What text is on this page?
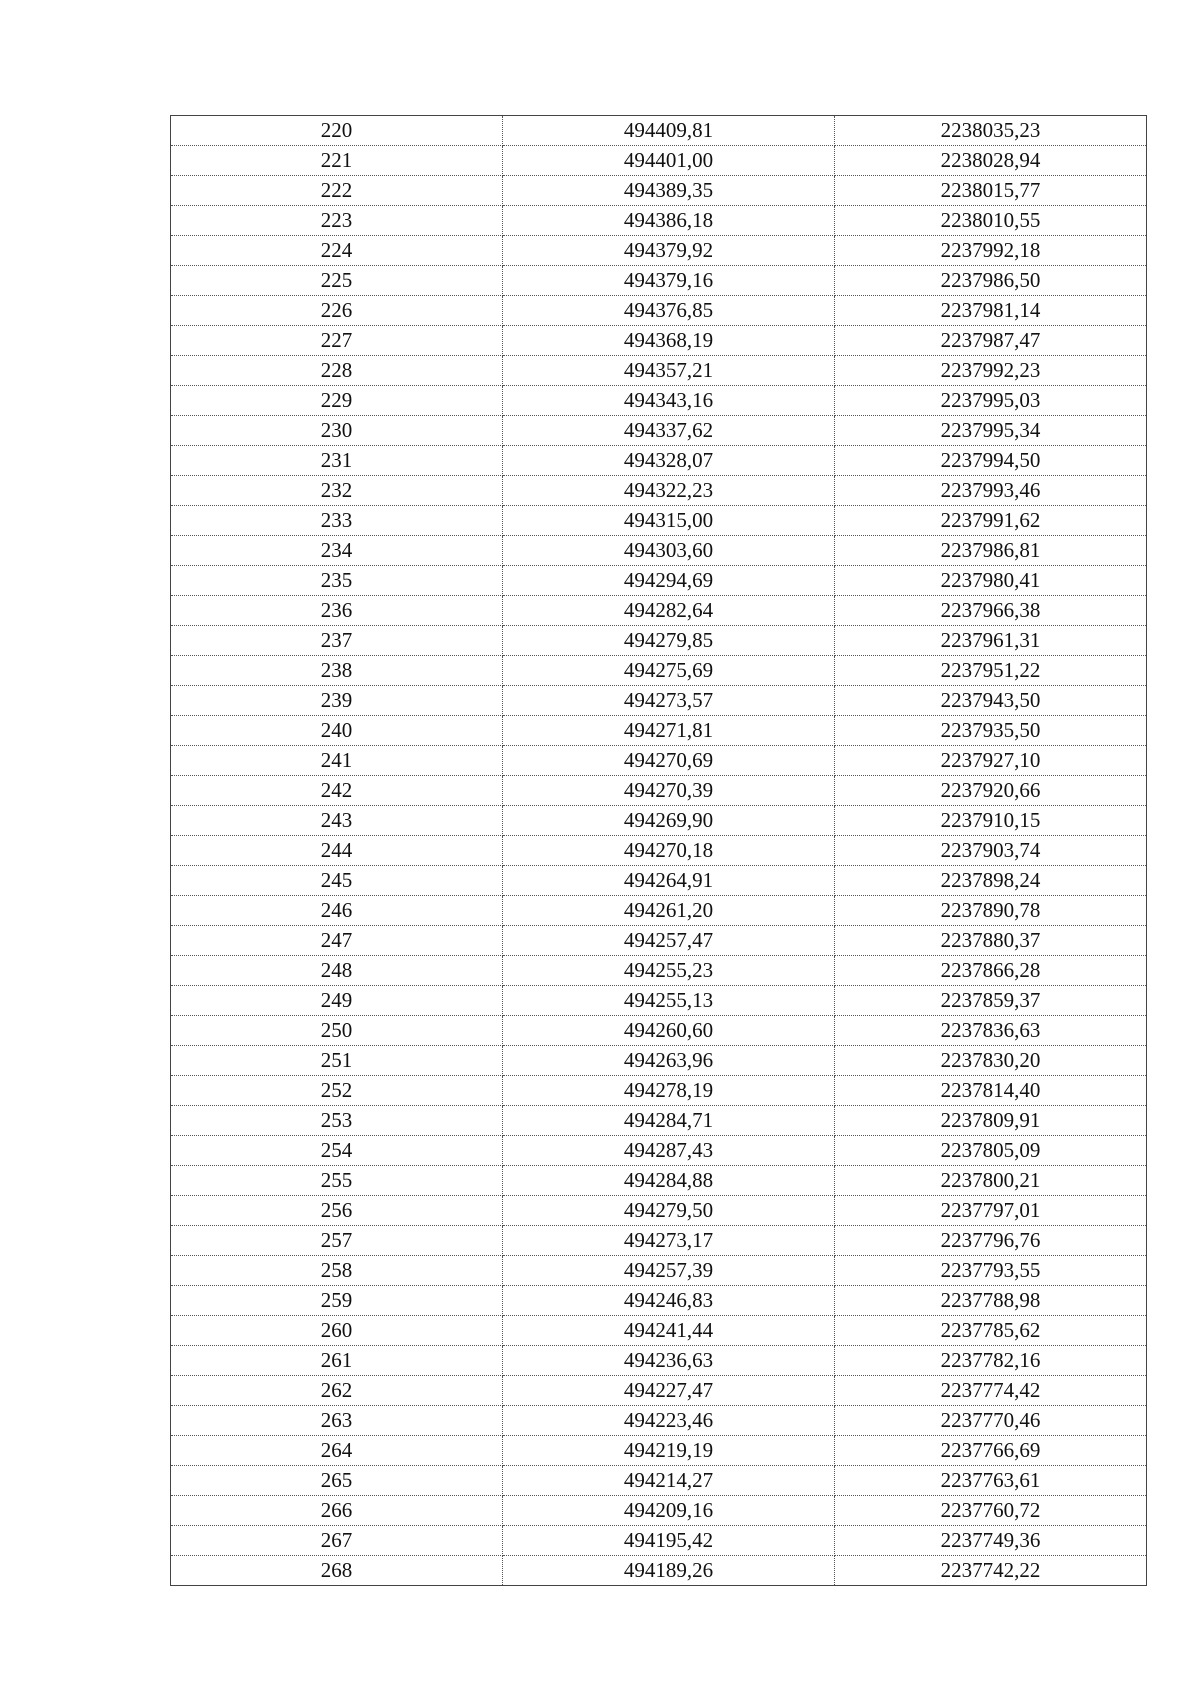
220	494409,81	2238035,23
221	494401,00	2238028,94
222	494389,35	2238015,77
223	494386,18	2238010,55
224	494379,92	2237992,18
225	494379,16	2237986,50
226	494376,85	2237981,14
227	494368,19	2237987,47
228	494357,21	2237992,23
229	494343,16	2237995,03
230	494337,62	2237995,34
231	494328,07	2237994,50
232	494322,23	2237993,46
233	494315,00	2237991,62
234	494303,60	2237986,81
235	494294,69	2237980,41
236	494282,64	2237966,38
237	494279,85	2237961,31
238	494275,69	2237951,22
239	494273,57	2237943,50
240	494271,81	2237935,50
241	494270,69	2237927,10
242	494270,39	2237920,66
243	494269,90	2237910,15
244	494270,18	2237903,74
245	494264,91	2237898,24
246	494261,20	2237890,78
247	494257,47	2237880,37
248	494255,23	2237866,28
249	494255,13	2237859,37
250	494260,60	2237836,63
251	494263,96	2237830,20
252	494278,19	2237814,40
253	494284,71	2237809,91
254	494287,43	2237805,09
255	494284,88	2237800,21
256	494279,50	2237797,01
257	494273,17	2237796,76
258	494257,39	2237793,55
259	494246,83	2237788,98
260	494241,44	2237785,62
261	494236,63	2237782,16
262	494227,47	2237774,42
263	494223,46	2237770,46
264	494219,19	2237766,69
265	494214,27	2237763,61
266	494209,16	2237760,72
267	494195,42	2237749,36
268	494189,26	2237742,22
